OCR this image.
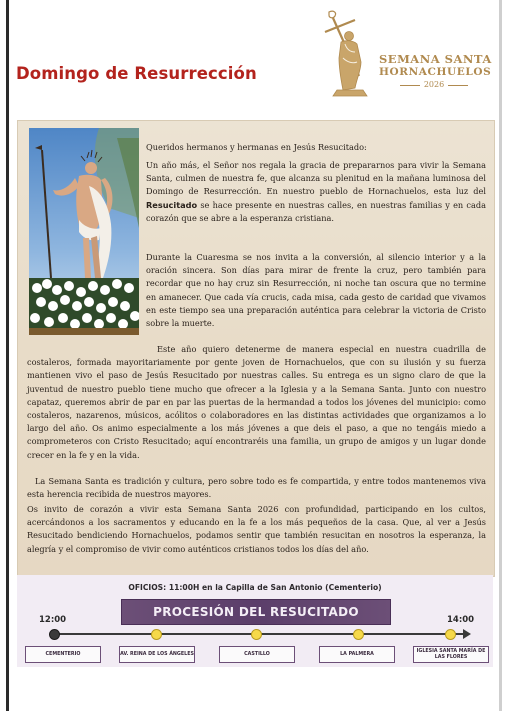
Domingo de Resurrección
SEMANA SANTA
HORNACHUELOS
2026

Queridos hermanos y hermanas en Jesús Resucitado:

Un año más, el Señor nos regala la gracia de prepararnos para vivir la Semana Santa, culmen de nuestra fe, que alcanza su plenitud en la mañana luminosa del Domingo de Resurrección. En nuestro pueblo de Hornachuelos, esta luz del Resucitado se hace presente en nuestras calles, en nuestras familias y en cada corazón que se abre a la esperanza cristiana.

Durante la Cuaresma se nos invita a la conversión, al silencio interior y a la oración sincera. Son días para mirar de frente la cruz, pero también para recordar que no hay cruz sin Resurrección, ni noche tan oscura que no termine en amanecer. Que cada vía crucis, cada misa, cada gesto de caridad que vivamos en este tiempo sea una preparación auténtica para celebrar la victoria de Cristo sobre la muerte.

Este año quiero detenerme de manera especial en nuestra cuadrilla de costaleros, formada mayoritariamente por gente joven de Hornachuelos, que con su ilusión y su fuerza mantienen vivo el paso de Jesús Resucitado por nuestras calles. Su entrega es un signo claro de que la juventud de nuestro pueblo tiene mucho que ofrecer a la Iglesia y a la Semana Santa. Junto con nuestro capataz, queremos abrir de par en par las puertas de la hermandad a todos los jóvenes del municipio: como costaleros, nazarenos, músicos, acólitos o colaboradores en las distintas actividades que organizamos a lo largo del año. Os animo especialmente a los más jóvenes a que deis el paso, a que no tengáis miedo a comprometeros con Cristo Resucitado; aquí encontraréis una familia, un grupo de amigos y un lugar donde crecer en la fe y en la vida.

La Semana Santa es tradición y cultura, pero sobre todo es fe compartida, y entre todos mantenemos viva esta herencia recibida de nuestros mayores.

Os invito de corazón a vivir esta Semana Santa 2026 con profundidad, participando en los cultos, acercándonos a los sacramentos y educando en la fe a los más pequeños de la casa. Que, al ver a Jesús Resucitado bendiciendo Hornachuelos, podamos sentir que también resucitan en nosotros la esperanza, la alegría y el compromiso de vivir como auténticos cristianos todos los días del año.

OFICIOS: 11:00H en la Capilla de San Antonio (Cementerio)
PROCESIÓN DEL RESUCITADO
12:00	14:00
CEMENTERIO	AV. REINA DE LOS ÁNGELES	CASTILLO	LA PALMERA
IGLESIA SANTA MARÍA DE LAS FLORES
